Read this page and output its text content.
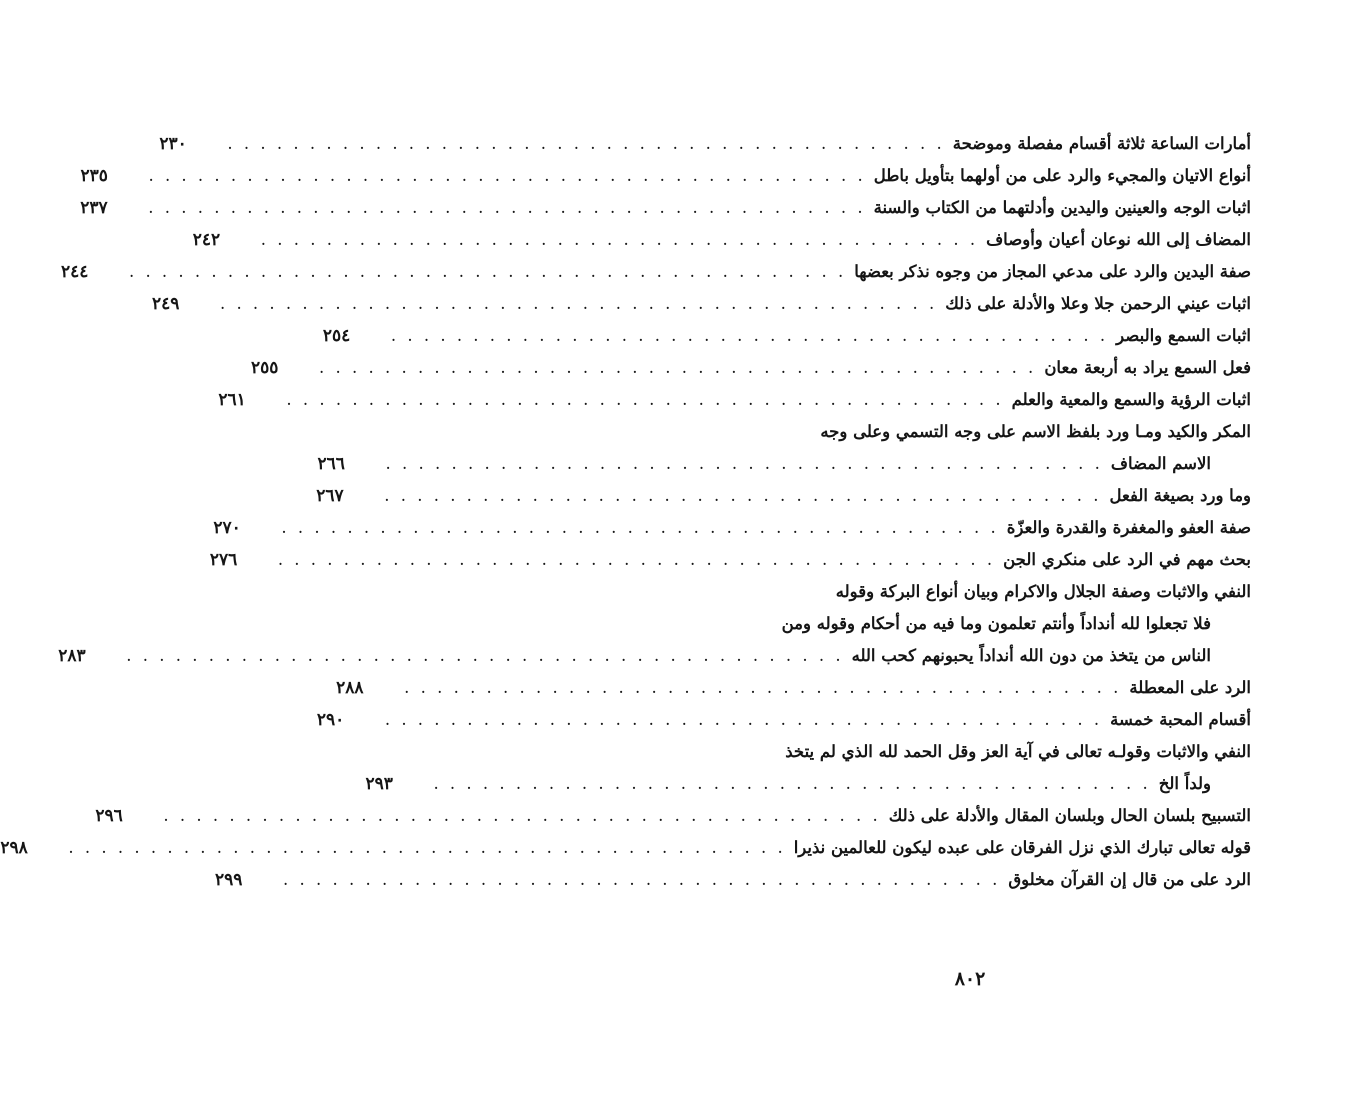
أمارات الساعة ثلاثة أقسام مفصلة وموضحة
. . . . . . . . . . . . . . . . . . . . . . . . . . . . . . . . . . . . . . . . . . . .
٢٣٠
أنواع الاتيان والمجيء والرد على من أولهما بتأويل باطل
. . . . . . . . . . . . . . . . . . . . . . . . . . . . . . . . . . . . . . . . . . . .
٢٣٥
اثبات الوجه والعينين واليدين وأدلتهما من الكتاب والسنة
. . . . . . . . . . . . . . . . . . . . . . . . . . . . . . . . . . . . . . . . . . . .
٢٣٧
المضاف إلى الله نوعان أعيان وأوصاف
. . . . . . . . . . . . . . . . . . . . . . . . . . . . . . . . . . . . . . . . . . . .
٢٤٢
صفة اليدين والرد على مدعي المجاز من وجوه نذكر بعضها
. . . . . . . . . . . . . . . . . . . . . . . . . . . . . . . . . . . . . . . . . . . .
٢٤٤
اثبات عيني الرحمن جلا وعلا والأدلة على ذلك
. . . . . . . . . . . . . . . . . . . . . . . . . . . . . . . . . . . . . . . . . . . .
٢٤٩
اثبات السمع والبصر
. . . . . . . . . . . . . . . . . . . . . . . . . . . . . . . . . . . . . . . . . . . .
٢٥٤
فعل السمع يراد به أربعة معان
. . . . . . . . . . . . . . . . . . . . . . . . . . . . . . . . . . . . . . . . . . . .
٢٥٥
اثبات الرؤية والسمع والمعية والعلم
. . . . . . . . . . . . . . . . . . . . . . . . . . . . . . . . . . . . . . . . . . . .
٢٦١
المكر والكيد ومـا ورد بلفظ الاسم على وجه التسمي وعلى وجه
الاسم المضاف
. . . . . . . . . . . . . . . . . . . . . . . . . . . . . . . . . . . . . . . . . . . .
٢٦٦
وما ورد بصيغة الفعل
. . . . . . . . . . . . . . . . . . . . . . . . . . . . . . . . . . . . . . . . . . . .
٢٦٧
صفة العفو والمغفرة والقدرة والعزّة
. . . . . . . . . . . . . . . . . . . . . . . . . . . . . . . . . . . . . . . . . . . .
٢٧٠
بحث مهم في الرد على منكري الجن
. . . . . . . . . . . . . . . . . . . . . . . . . . . . . . . . . . . . . . . . . . . .
٢٧٦
النفي والاثبات وصفة الجلال والاكرام وبيان أنواع البركة وقوله
فلا تجعلوا لله أنداداً وأنتم تعلمون وما فيه من أحكام وقوله ومن
الناس من يتخذ من دون الله أنداداً يحبونهم كحب الله
. . . . . . . . . . . . . . . . . . . . . . . . . . . . . . . . . . . . . . . . . . . .
٢٨٣
الرد على المعطلة
. . . . . . . . . . . . . . . . . . . . . . . . . . . . . . . . . . . . . . . . . . . .
٢٨٨
أقسام المحبة خمسة
. . . . . . . . . . . . . . . . . . . . . . . . . . . . . . . . . . . . . . . . . . . .
٢٩٠
النفي والاثبات وقولـه تعالى في آية العز وقل الحمد لله الذي لم يتخذ
ولداً الخ
. . . . . . . . . . . . . . . . . . . . . . . . . . . . . . . . . . . . . . . . . . . .
٢٩٣
التسبيح بلسان الحال وبلسان المقال والأدلة على ذلك
. . . . . . . . . . . . . . . . . . . . . . . . . . . . . . . . . . . . . . . . . . . .
٢٩٦
قوله تعالى تبارك الذي نزل الفرقان على عبده ليكون للعالمين نذيرا
. . . . . . . . . . . . . . . . . . . . . . . . . . . . . . . . . . . . . . . . . . . .
٢٩٨
الرد على من قال إن القرآن مخلوق
. . . . . . . . . . . . . . . . . . . . . . . . . . . . . . . . . . . . . . . . . . . .
٢٩٩
٨٠٢
